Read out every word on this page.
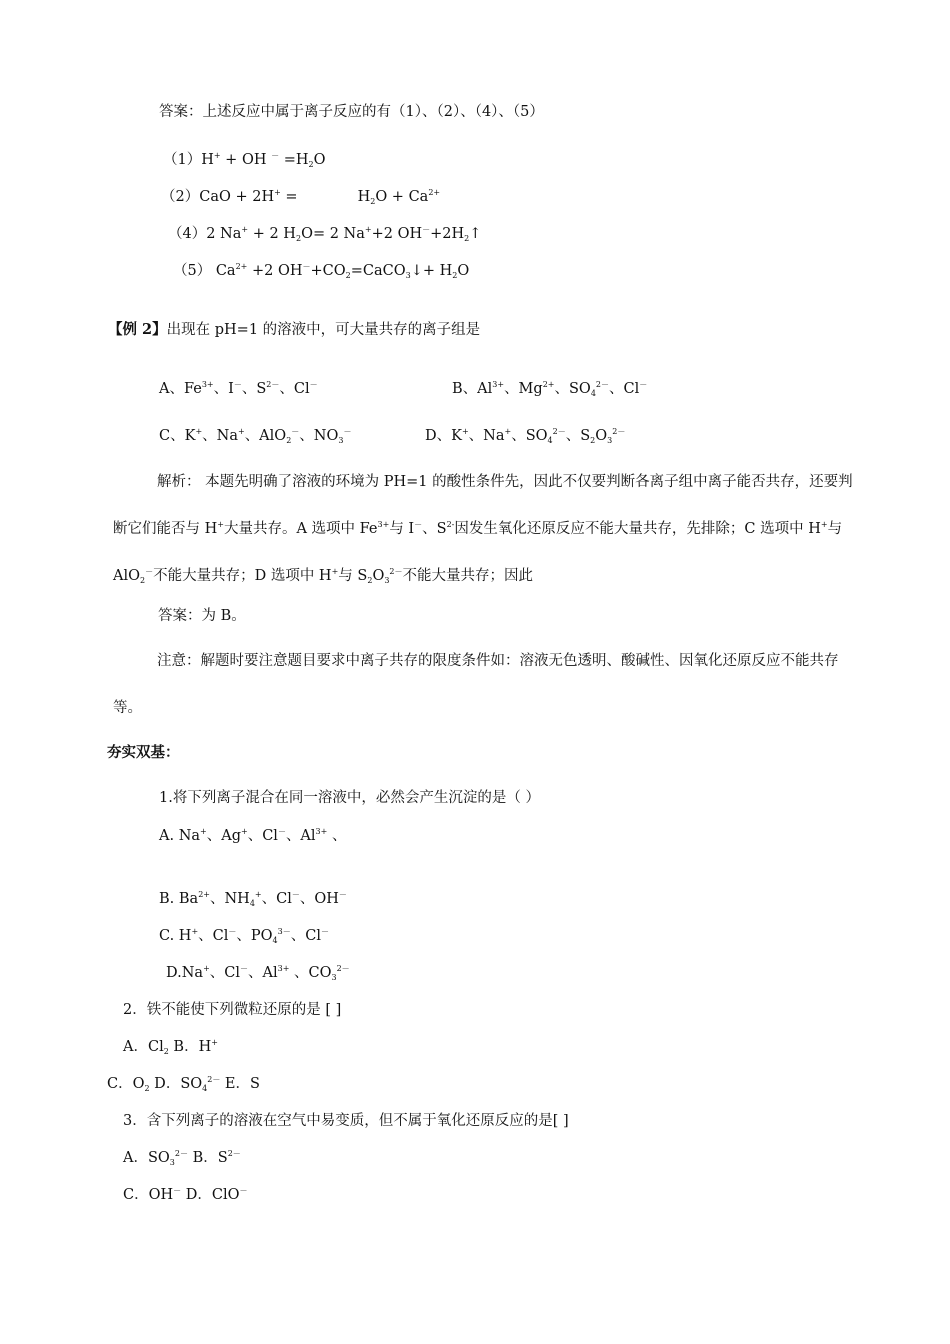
答案：上述反应中属于离子反应的有（1）、（2）、（4）、（5）
（1）H+ + OH $^- =H_2O$
（2）CaO + 2H+ =	$H_2O + Ca^{2+}$
（4）2 Na+ + 2 $H_2O= 2$ Na++2 $OH^-+2H_2↑$
（5） $Ca^{2+} +2$ $OH^-+CO_2=CaCO_3↓+ H_2O$
【例 2】出现在 pH=1 的溶液中，可大量共存的离子组是
A、$Fe^{3+}$、I－、$S^{2-}$、Cl－	B、$Al^{3+}$、$Mg^{2+}$、$SO_4^{2-}$、Cl－
C、K+、Na+、AlO$_2$－、$NO_3^-$	D、K+、Na+、$SO_4^{2-}$、$S_2O_3^{2-}$
解析： 本题先明确了溶液的环境为 PH=1 的酸性条件先，因此不仅要判断各离子组中离子能否共存，还要判断它们能否与 H+大量共存。A 选项中 $Fe^{3+}$与 I－、$S^{2-}$因发生氧化还原反应不能大量共存，先排除；C 选项中 H+与 AlO$_2$－不能大量共存；D 选项中 H+与 $S_2O_3^{2-}$不能大量共存；因此
答案：为 B。
注意：解题时要注意题目要求中离子共存的限度条件如：溶液无色透明、酸碱性、因氧化还原反应不能共存等。
夯实双基：
1.将下列离子混合在同一溶液中，必然会产生沉淀的是（ ）
A. Na+、Ag+、Cl－、$Al^{3+}$ 、
B. $Ba^{2+}$、$NH_4^+$、Cl－、OH－
C. H+、Cl－、$PO_4^{3-}$、Cl－
D.Na+、Cl－、$Al^{3+}$ 、$CO_3^{2-}$
2．铁不能使下列微粒还原的是 [ ]
A．$Cl_2$ B．H+
C．$O_2$ D．$SO_4^{2-}$ E．S
3．含下列离子的溶液在空气中易变质，但不属于氧化还原反应的是[ ]
A．$SO_3^{2-}$ B．$S^{2-}$
C．OH－ D．ClO－
